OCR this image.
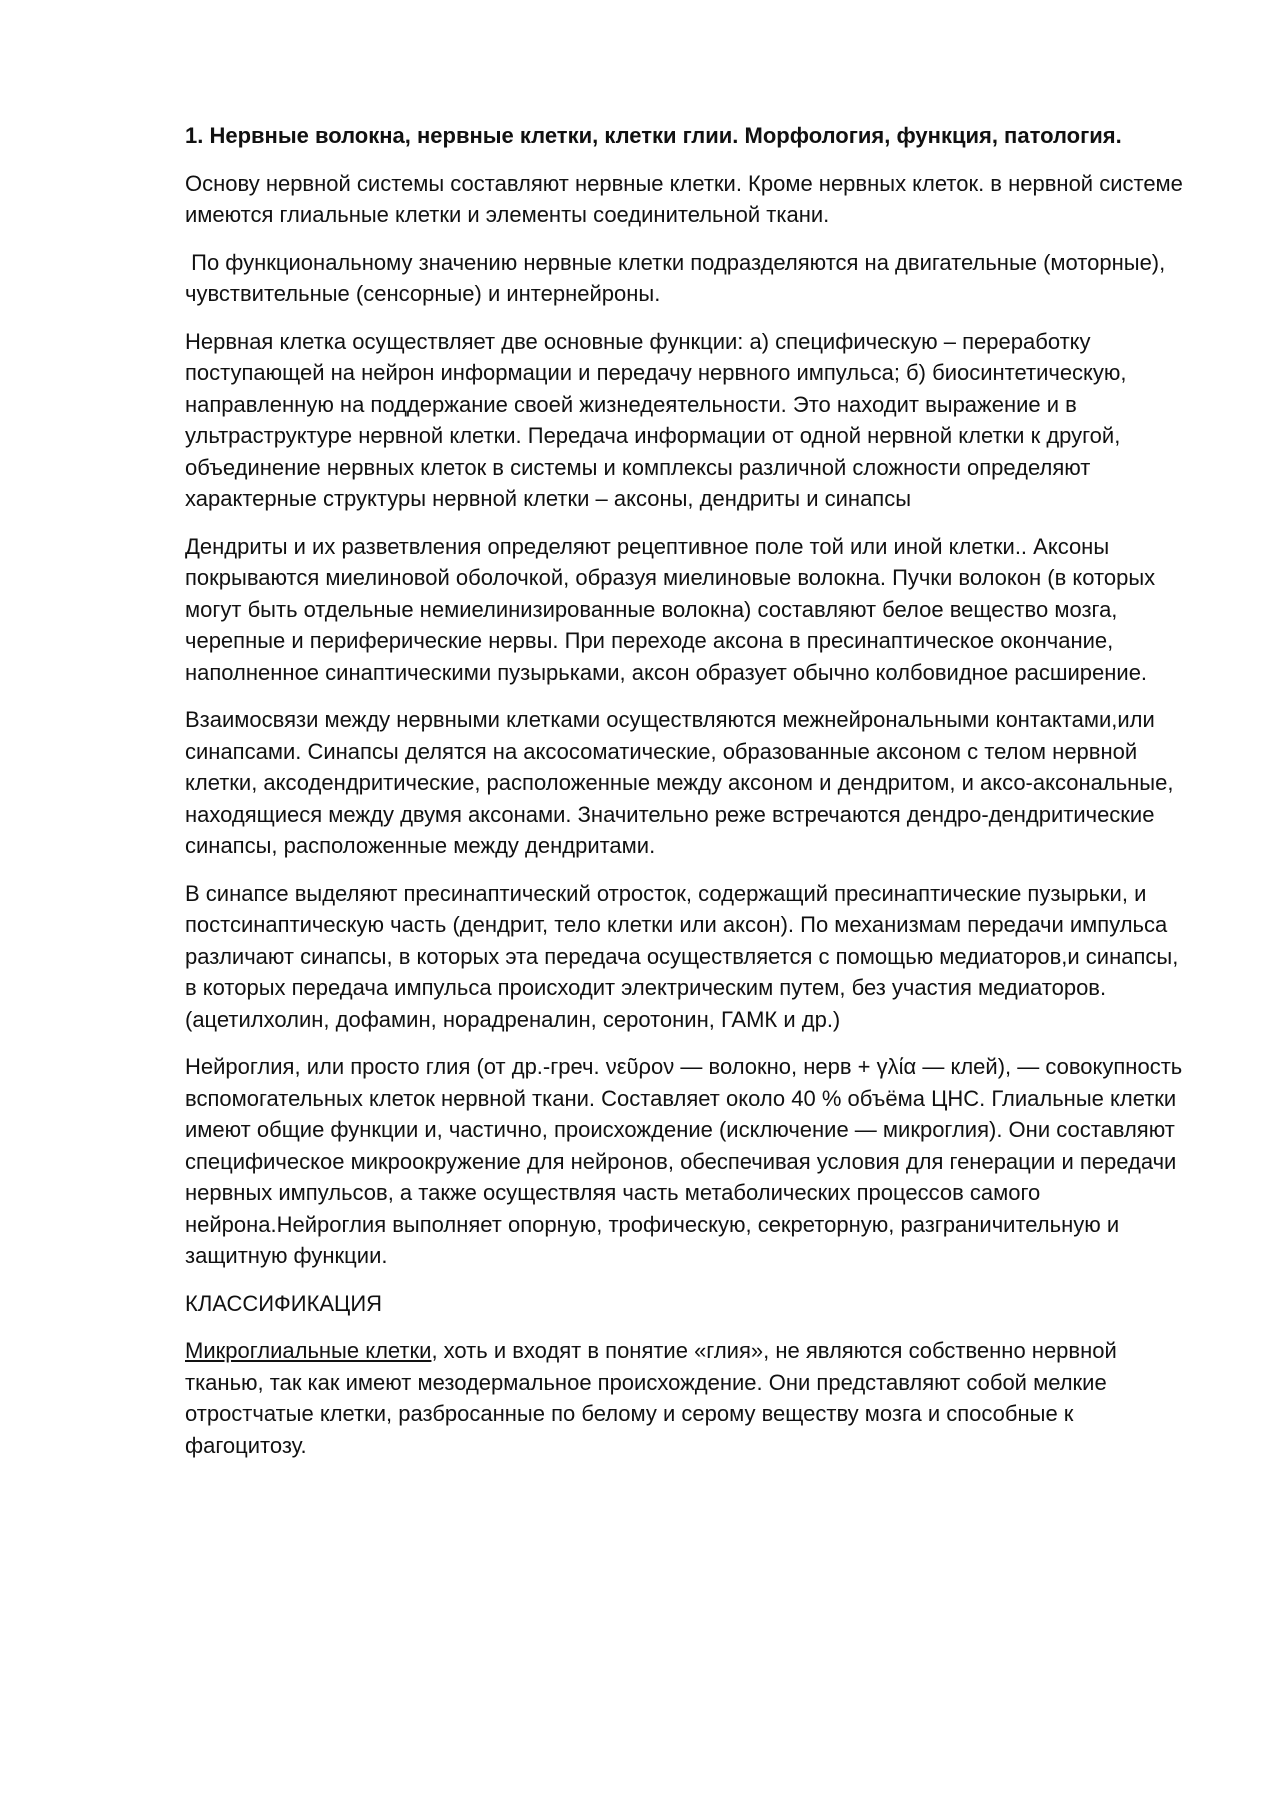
1. Нервные волокна, нервные клетки, клетки глии. Морфология, функция, патология.

Основу нервной системы составляют нервные клетки. Кроме нервных клеток. в нервной системе имеются глиальные клетки и элементы соединительной ткани.

По функциональному значению нервные клетки подразделяются на двигательные (моторные), чувствительные (сенсорные) и интернейроны.

Нервная клетка осуществляет две основные функции: а) специфическую – переработку поступающей на нейрон информации и передачу нервного импульса; б) биосинтетическую, направленную на поддержание своей жизнедеятельности. Это находит выражение и в ультраструктуре нервной клетки. Передача информации от одной нервной клетки к другой, объединение нервных клеток в системы и комплексы различной сложности определяют характерные структуры нервной клетки – аксоны, дендриты и синапсы

Дендриты и их разветвления определяют рецептивное поле той или иной клетки.. Аксоны покрываются миелиновой оболочкой, образуя миелиновые волокна. Пучки волокон (в которых могут быть отдельные немиелинизированные волокна) составляют белое вещество мозга, черепные и периферические нервы. При переходе аксона в пресинаптическое окончание, наполненное синаптическими пузырьками, аксон образует обычно колбовидное расширение.

Взаимосвязи между нервными клетками осуществляются межнейрональными контактами,или синапсами. Синапсы делятся на аксосоматические, образованные аксоном с телом нервной клетки, аксодендритические, расположенные между аксоном и дендритом, и аксо-аксональные, находящиеся между двумя аксонами. Значительно реже встречаются дендро-дендритические синапсы, расположенные между дендритами.

В синапсе выделяют пресинаптический отросток, содержащий пресинаптические пузырьки, и постсинаптическую часть (дендрит, тело клетки или аксон). По механизмам передачи импульса различают синапсы, в которых эта передача осуществляется с помощью медиаторов,и синапсы, в которых передача импульса происходит электрическим путем, без участия медиаторов. (ацетилхолин, дофамин, норадреналин, серотонин, ГАМК и др.)

Нейроглия, или просто глия (от др.-греч. νεῦρον — волокно, нерв + γλία — клей), — совокупность вспомогательных клеток нервной ткани. Составляет около 40 % объёма ЦНС. Глиальные клетки имеют общие функции и, частично, происхождение (исключение — микроглия). Они составляют специфическое микроокружение для нейронов, обеспечивая условия для генерации и передачи нервных импульсов, а также осуществляя часть метаболических процессов самого нейрона.Нейроглия выполняет опорную, трофическую, секреторную, разграничительную и защитную функции.

КЛАССИФИКАЦИЯ

Микроглиальные клетки, хоть и входят в понятие «глия», не являются собственно нервной тканью, так как имеют мезодермальное происхождение. Они представляют собой мелкие отростчатые клетки, разбросанные по белому и серому веществу мозга и способные к фагоцитозу.
